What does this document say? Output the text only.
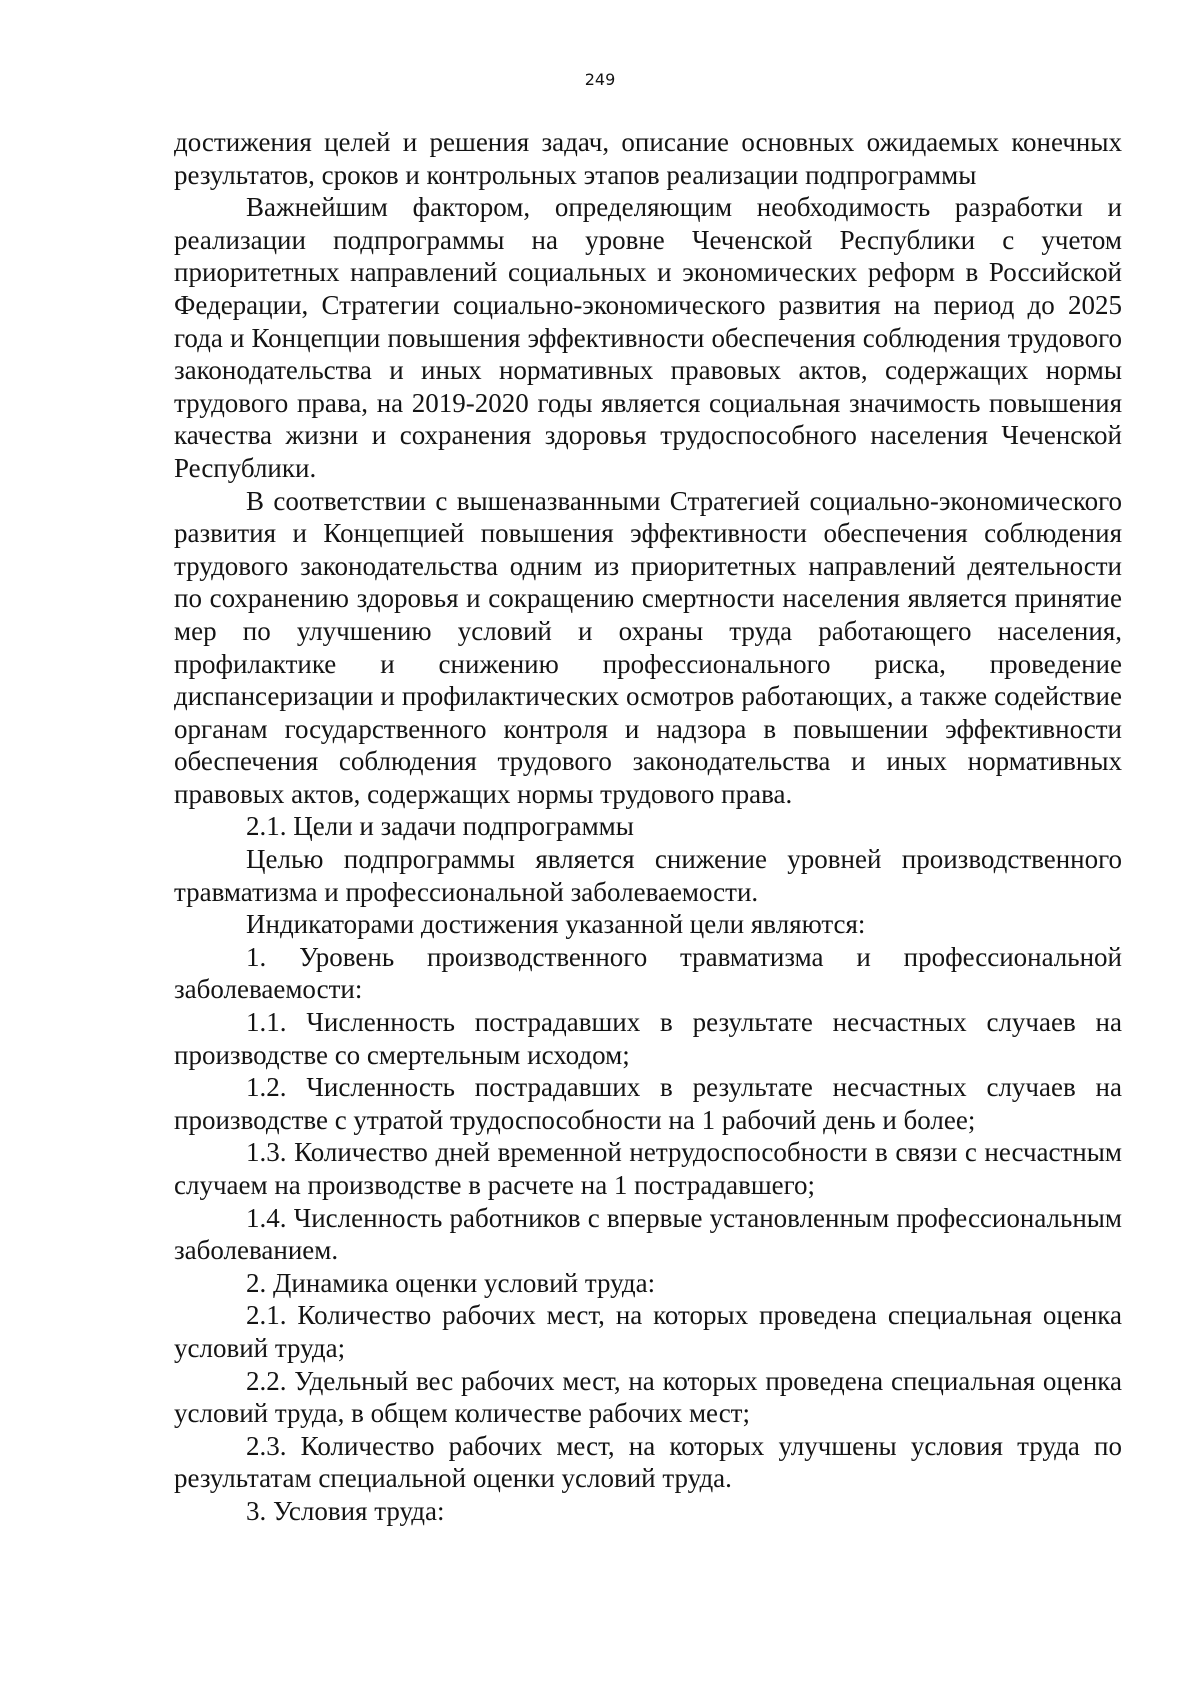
249

достижения целей и решения задач, описание основных ожидаемых конечных результатов, сроков и контрольных этапов реализации подпрограммы

Важнейшим фактором, определяющим необходимость разработки и реализации подпрограммы на уровне Чеченской Республики с учетом приоритетных направлений социальных и экономических реформ в Российской Федерации, Стратегии социально-экономического развития на период до 2025 года и Концепции повышения эффективности обеспечения соблюдения трудового законодательства и иных нормативных правовых актов, содержащих нормы трудового права, на 2019-2020 годы является социальная значимость повышения качества жизни и сохранения здоровья трудоспособного населения Чеченской Республики.

В соответствии с вышеназванными Стратегией социально-экономического развития и Концепцией повышения эффективности обеспечения соблюдения трудового законодательства одним из приоритетных направлений деятельности по сохранению здоровья и сокращению смертности населения является принятие мер по улучшению условий и охраны труда работающего населения, профилактике и снижению профессионального риска, проведение диспансеризации и профилактических осмотров работающих, а также содействие органам государственного контроля и надзора в повышении эффективности обеспечения соблюдения трудового законодательства и иных нормативных правовых актов, содержащих нормы трудового права.

2.1. Цели и задачи подпрограммы

Целью подпрограммы является снижение уровней производственного травматизма и профессиональной заболеваемости.

Индикаторами достижения указанной цели являются:

1. Уровень производственного травматизма и профессиональной заболеваемости:

1.1. Численность пострадавших в результате несчастных случаев на производстве со смертельным исходом;

1.2. Численность пострадавших в результате несчастных случаев на производстве с утратой трудоспособности на 1 рабочий день и более;

1.3. Количество дней временной нетрудоспособности в связи с несчастным случаем на производстве в расчете на 1 пострадавшего;

1.4. Численность работников с впервые установленным профессиональным заболеванием.

2. Динамика оценки условий труда:

2.1. Количество рабочих мест, на которых проведена специальная оценка условий труда;

2.2. Удельный вес рабочих мест, на которых проведена специальная оценка условий труда, в общем количестве рабочих мест;

2.3. Количество рабочих мест, на которых улучшены условия труда по результатам специальной оценки условий труда.

3. Условия труда:
